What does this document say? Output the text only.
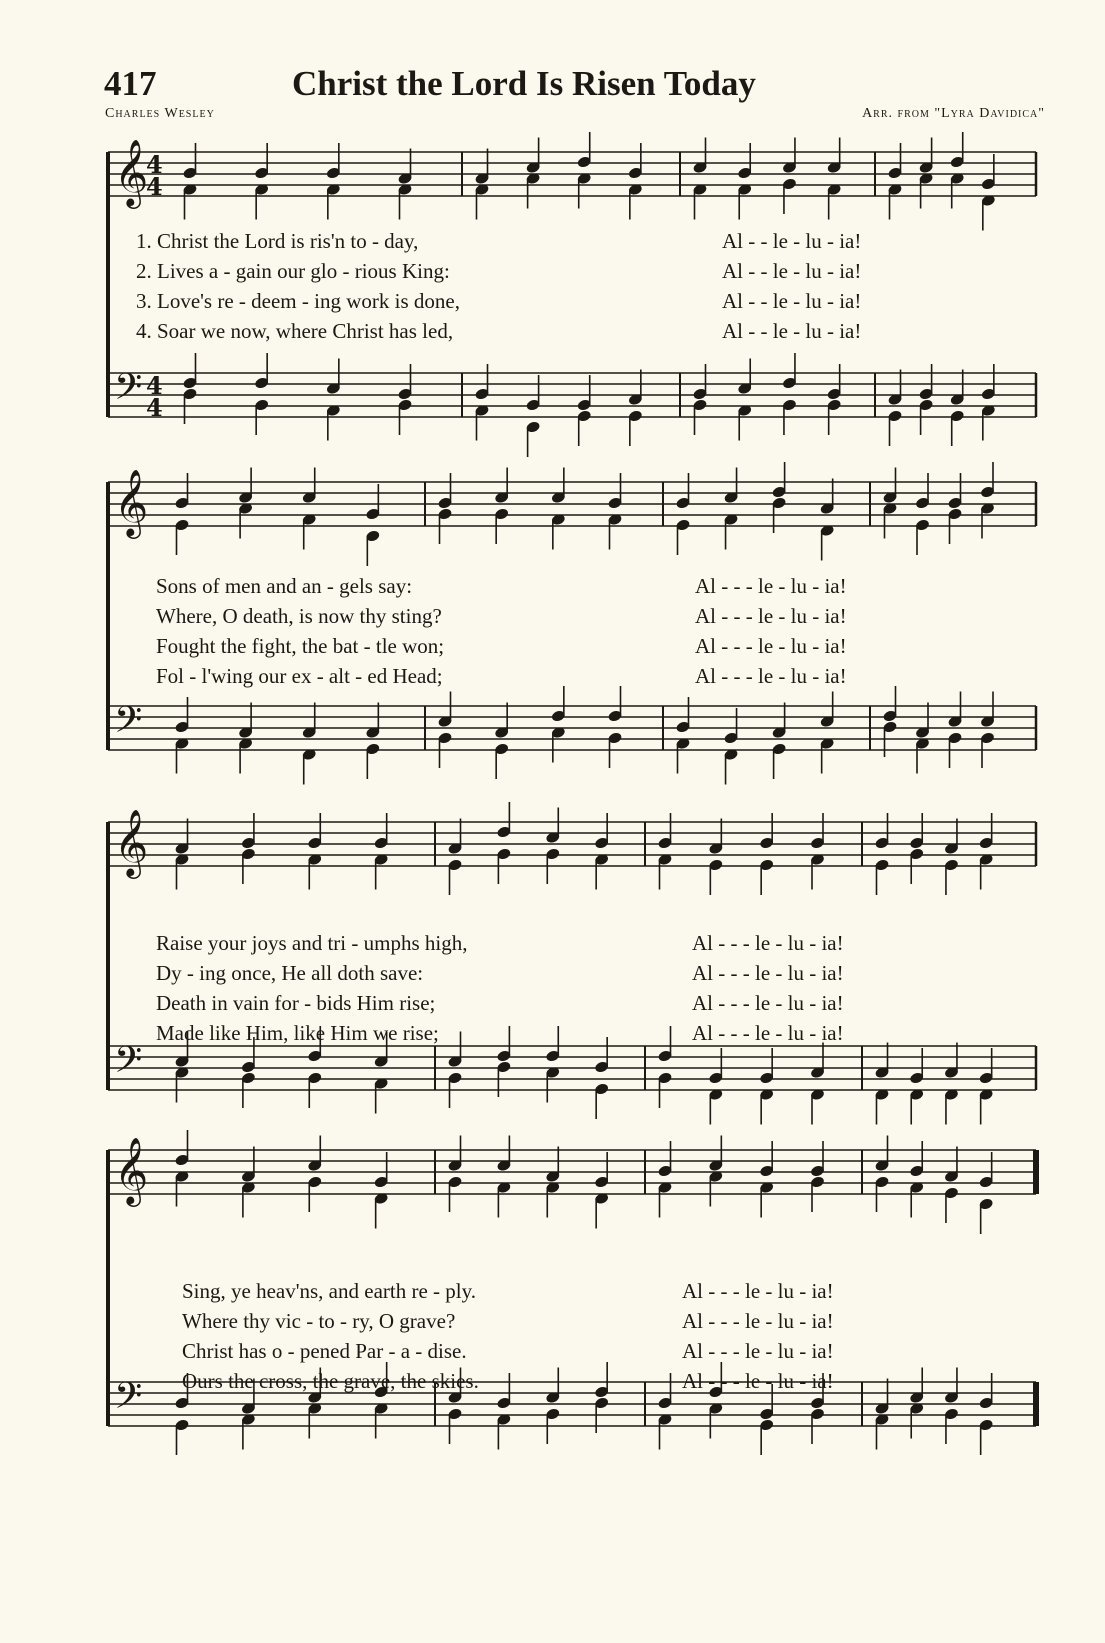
417	Christ the Lord Is Risen Today
Charles Wesley	Arr. from "Lyra Davidica"
𝄞
𝄢
4
4
4
4
𝄞
𝄢
𝄞
𝄢
𝄞
𝄢
1. Christ the Lord is ris'n to - day,	Al - - le - lu - ia!
2. Lives a - gain our glo - rious King:	Al - - le - lu - ia!
3. Love's re - deem - ing work is done,	Al - - le - lu - ia!
4. Soar we now, where Christ has led,	Al - - le - lu - ia!
Sons of men and an - gels say:	Al - - - le - lu - ia!
Where, O death, is now thy sting?	Al - - - le - lu - ia!
Fought the fight, the bat - tle won;	Al - - - le - lu - ia!
Fol - l'wing our ex - alt - ed Head;	Al - - - le - lu - ia!
Raise your joys and tri - umphs high,	Al - - - le - lu - ia!
Dy - ing once, He all doth save:	Al - - - le - lu - ia!
Death in vain for - bids Him rise;	Al - - - le - lu - ia!
Made like Him, like Him we rise;	Al - - - le - lu - ia!
Sing, ye heav'ns, and earth re - ply.	Al - - - le - lu - ia!
Where thy vic - to - ry, O grave?	Al - - - le - lu - ia!
Christ has o - pened Par - a - dise.	Al - - - le - lu - ia!
Ours the cross, the grave, the skies.	Al - - - le - lu - ia!
